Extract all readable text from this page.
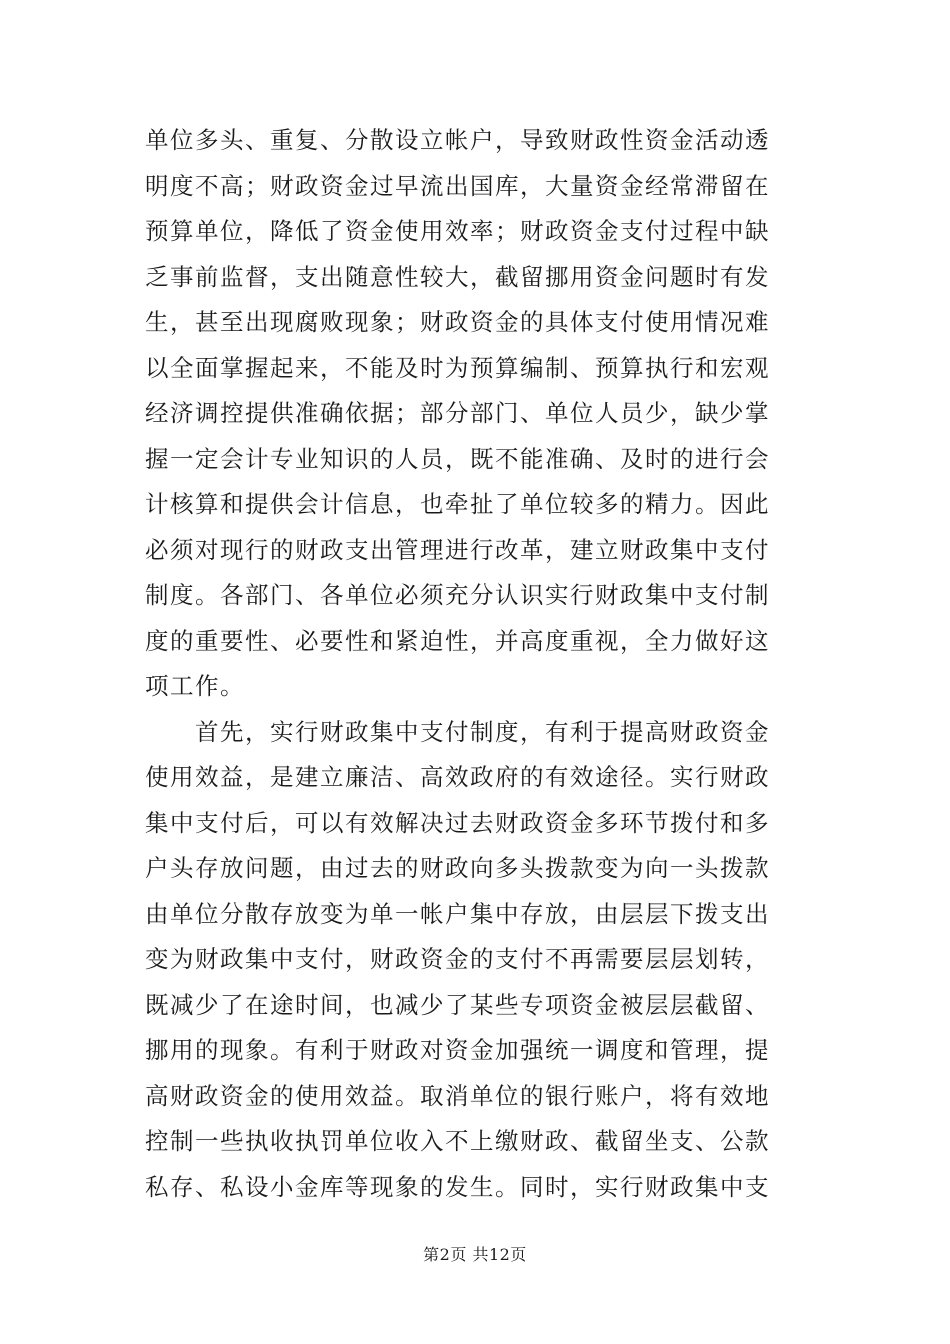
单位多头、重复、分散设立帐户，导致财政性资金活动透
明度不高；财政资金过早流出国库，大量资金经常滞留在
预算单位，降低了资金使用效率；财政资金支付过程中缺
乏事前监督，支出随意性较大，截留挪用资金问题时有发
生，甚至出现腐败现象；财政资金的具体支付使用情况难
以全面掌握起来，不能及时为预算编制、预算执行和宏观
经济调控提供准确依据；部分部门、单位人员少，缺少掌
握一定会计专业知识的人员，既不能准确、及时的进行会
计核算和提供会计信息，也牵扯了单位较多的精力。因此
必须对现行的财政支出管理进行改革，建立财政集中支付
制度。各部门、各单位必须充分认识实行财政集中支付制
度的重要性、必要性和紧迫性，并高度重视，全力做好这
项工作。
　　首先，实行财政集中支付制度，有利于提高财政资金
使用效益，是建立廉洁、高效政府的有效途径。实行财政
集中支付后，可以有效解决过去财政资金多环节拨付和多
户头存放问题，由过去的财政向多头拨款变为向一头拨款
由单位分散存放变为单一帐户集中存放，由层层下拨支出
变为财政集中支付，财政资金的支付不再需要层层划转，
既减少了在途时间，也减少了某些专项资金被层层截留、
挪用的现象。有利于财政对资金加强统一调度和管理，提
高财政资金的使用效益。取消单位的银行账户，将有效地
控制一些执收执罚单位收入不上缴财政、截留坐支、公款
私存、私设小金库等现象的发生。同时，实行财政集中支
第2页 共12页
